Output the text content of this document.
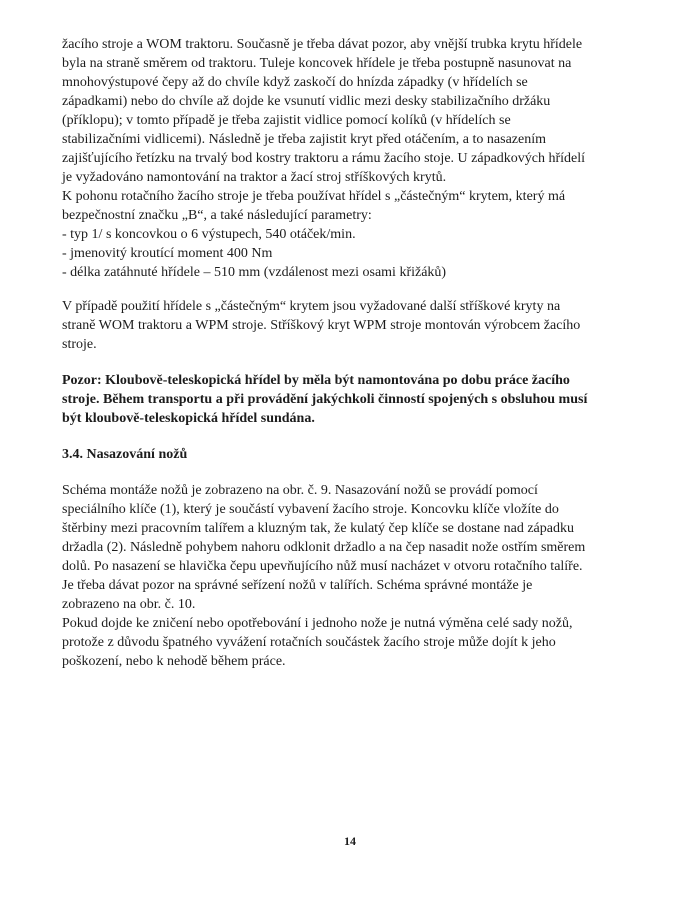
žacího stroje a WOM traktoru. Současně je třeba dávat pozor, aby vnější trubka krytu hřídele
byla na straně směrem od traktoru. Tuleje koncovek hřídele je třeba postupně nasunovat na
mnohovýstupové čepy až do chvíle když zaskočí do hnízda západky (v hřídelích se
západkami) nebo do chvíle až dojde ke vsunutí vidlic mezi desky stabilizačního držáku
(příklopu); v tomto případě je třeba zajistit vidlice pomocí kolíků (v hřídelích se
stabilizačními vidlicemi). Následně je třeba zajistit kryt před otáčením, a to nasazením
zajišťujícího řetízku na trvalý bod kostry traktoru a rámu žacího stoje. U západkových hřídelí
je vyžadováno namontování na traktor a žací stroj stříškových krytů.
K pohonu rotačního žacího stroje je třeba používat hřídel s „částečným“ krytem, který má
bezpečnostní značku „B“, a také následující parametry:
- typ 1/ s koncovkou o 6 výstupech, 540 otáček/min.
- jmenovitý kroutící moment 400 Nm
- délka zatáhnuté hřídele – 510 mm (vzdálenost mezi osami křižáků)
V případě použití hřídele s „částečným“ krytem jsou vyžadované další stříškové kryty na
straně WOM traktoru a WPM stroje. Stříškový kryt WPM stroje montován výrobcem žacího
stroje.
Pozor: Kloubově-teleskopická hřídel by měla být namontována po dobu práce žacího
stroje. Během transportu a při provádění jakýchkoli činností spojených s obsluhou musí
být kloubově-teleskopická hřídel sundána.
3.4. Nasazování nožů
Schéma montáže nožů je zobrazeno na obr. č. 9. Nasazování nožů se provádí pomocí
speciálního klíče (1), který je součástí vybavení žacího stroje. Koncovku klíče vložíte do
štěrbiny mezi pracovním talířem a kluzným tak, že kulatý čep klíče se dostane nad západku
držadla (2). Následně pohybem nahoru odklonit držadlo a na čep nasadit nože ostřím směrem
dolů. Po nasazení se hlavička čepu upevňujícího nůž musí nacházet v otvoru rotačního talíře.
Je třeba dávat pozor na správné seřízení nožů v talířích. Schéma správné montáže je
zobrazeno na obr. č. 10.
Pokud dojde ke zničení nebo opotřebování i jednoho nože je nutná výměna celé sady nožů,
protože z důvodu špatného vyvážení rotačních součástek žacího stroje může dojít k jeho
poškození, nebo k nehodě během práce.
14
